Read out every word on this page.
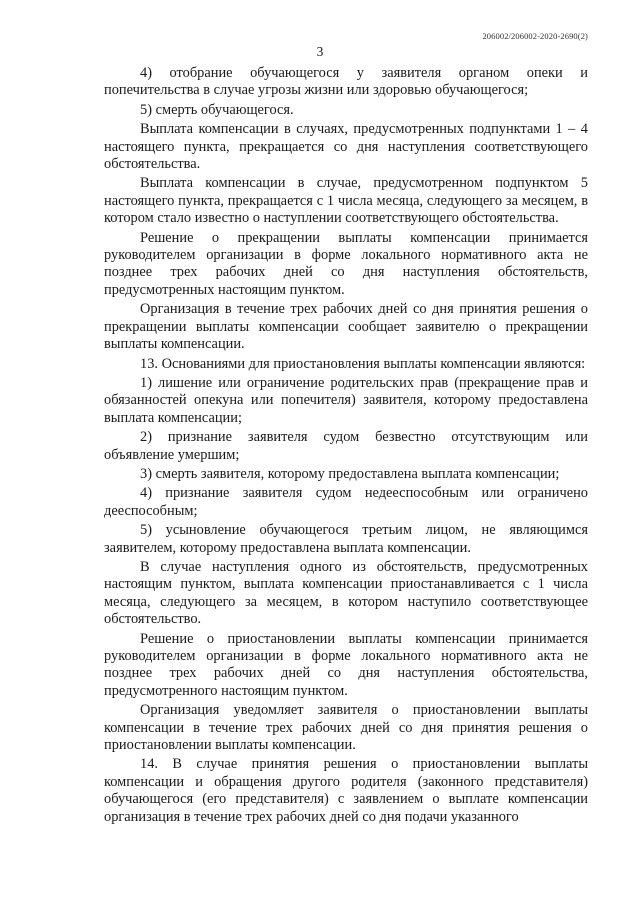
206002/206002-2020-2690(2)
3

4) отобрание обучающегося у заявителя органом опеки и попечительства в случае угрозы жизни или здоровью обучающегося;

5) смерть обучающегося.

Выплата компенсации в случаях, предусмотренных подпунктами 1 – 4 настоящего пункта, прекращается со дня наступления соответствующего обстоятельства.

Выплата компенсации в случае, предусмотренном подпунктом 5 настоящего пункта, прекращается с 1 числа месяца, следующего за месяцем, в котором стало известно о наступлении соответствующего обстоятельства.

Решение о прекращении выплаты компенсации принимается руководителем организации в форме локального нормативного акта не позднее трех рабочих дней со дня наступления обстоятельств, предусмотренных настоящим пунктом.

Организация в течение трех рабочих дней со дня принятия решения о прекращении выплаты компенсации сообщает заявителю о прекращении выплаты компенсации.

13. Основаниями для приостановления выплаты компенсации являются:

1) лишение или ограничение родительских прав (прекращение прав и обязанностей опекуна или попечителя) заявителя, которому предоставлена выплата компенсации;

2) признание заявителя судом безвестно отсутствующим или объявление умершим;

3) смерть заявителя, которому предоставлена выплата компенсации;

4) признание заявителя судом недееспособным или ограничено дееспособным;

5) усыновление обучающегося третьим лицом, не являющимся заявителем, которому предоставлена выплата компенсации.

В случае наступления одного из обстоятельств, предусмотренных настоящим пунктом, выплата компенсации приостанавливается с 1 числа месяца, следующего за месяцем, в котором наступило соответствующее обстоятельство.

Решение о приостановлении выплаты компенсации принимается руководителем организации в форме локального нормативного акта не позднее трех рабочих дней со дня наступления обстоятельства, предусмотренного настоящим пунктом.

Организация уведомляет заявителя о приостановлении выплаты компенсации в течение трех рабочих дней со дня принятия решения о приостановлении выплаты компенсации.

14. В случае принятия решения о приостановлении выплаты компенсации и обращения другого родителя (законного представителя) обучающегося (его представителя) с заявлением о выплате компенсации организация в течение трех рабочих дней со дня подачи указанного
